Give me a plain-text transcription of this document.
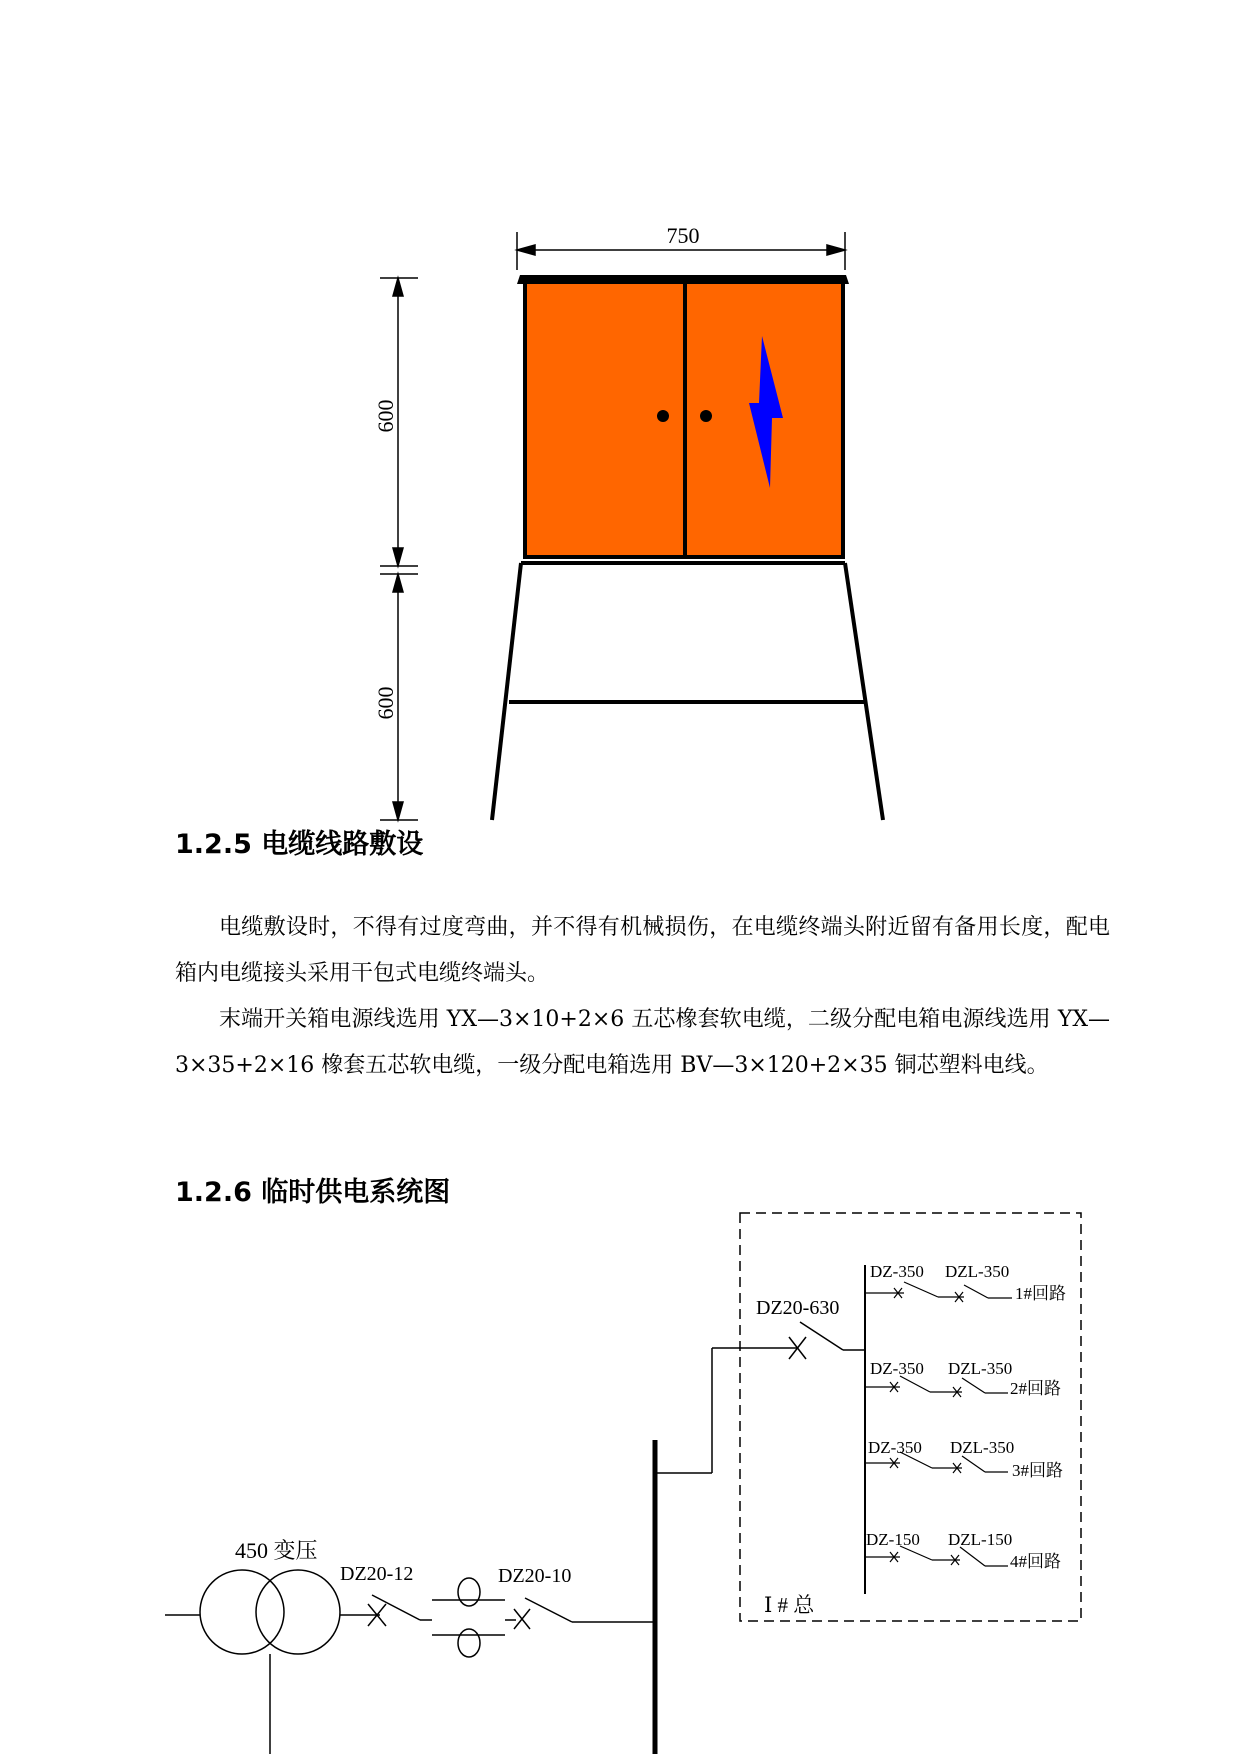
750
600
600
1.2.5 电缆线路敷设

电缆敷设时，不得有过度弯曲，并不得有机械损伤，在电缆终端头附近留有备用长度，配电箱内电缆接头采用干包式电缆终端头。

末端开关箱电源线选用 YX—3×10+2×6 五芯橡套软电缆，二级分配电箱电源线选用 YX—3×35+2×16 橡套五芯软电缆，一级分配电箱选用 BV—3×120+2×35 铜芯塑料电线。

1.2.6 临时供电系统图
450 变压
DZ20-12	DZ20-10
DZ20-630
DZ-350 DZL-350
1#回路
DZ-350 DZL-350
2#回路
DZ-350 DZL-350
3#回路
DZ-150 DZL-150
4#回路
Ⅰ # 总
